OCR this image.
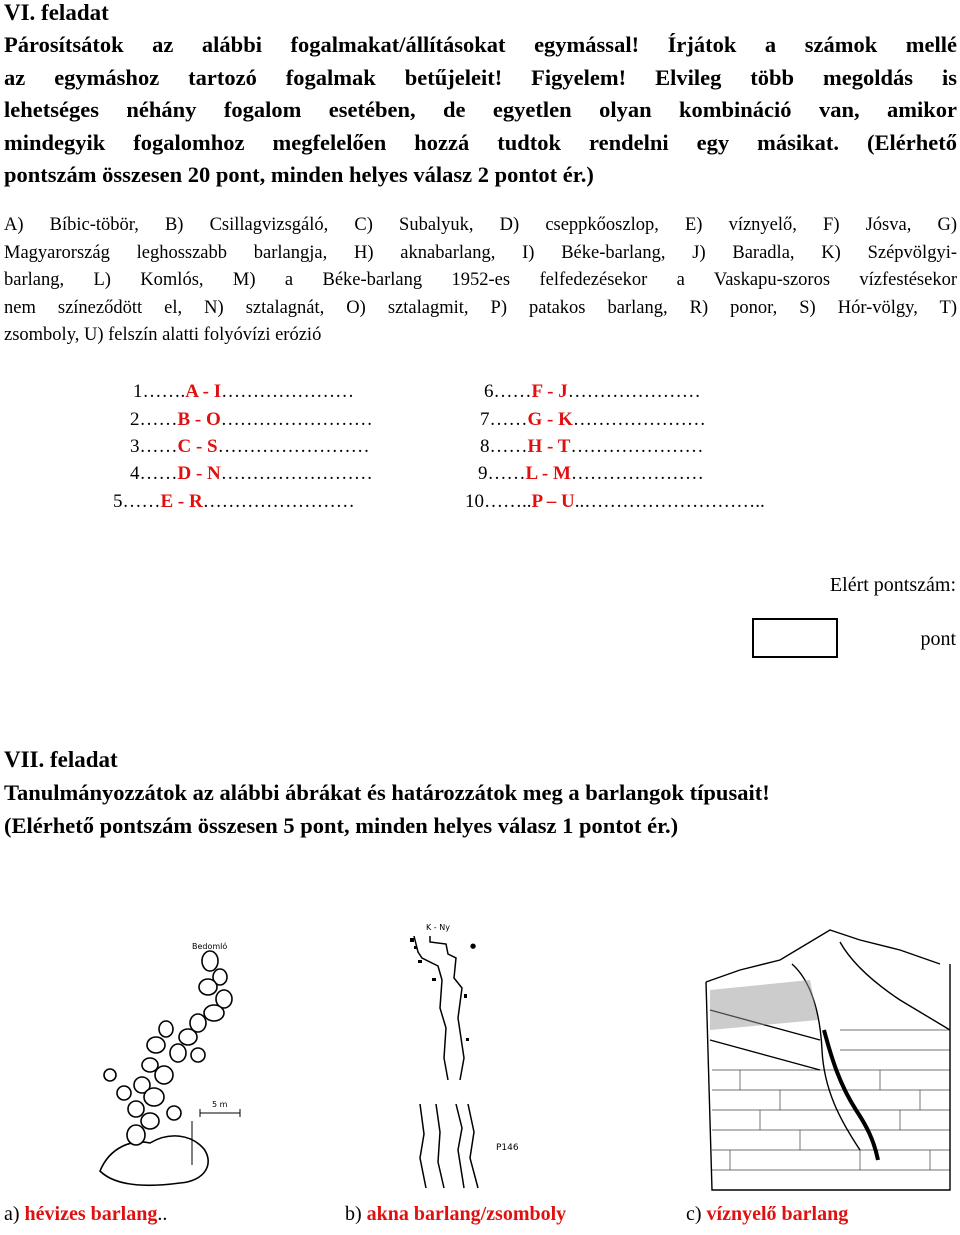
VI. feladat
Párosítsátok az alábbi fogalmakat/állításokat egymással! Írjátok a számok mellé
az egymáshoz tartozó fogalmak betűjeleit! Figyelem! Elvileg több megoldás is
lehetséges néhány fogalom esetében, de egyetlen olyan kombináció van, amikor
mindegyik fogalomhoz megfelelően hozzá tudtok rendelni egy másikat. (Elérhető
pontszám összesen 20 pont, minden helyes válasz 2 pontot ér.)
A) Bíbic-töbör, B) Csillagvizsgáló, C) Subalyuk, D) cseppkőoszlop, E) víznyelő, F) Jósva, G)
Magyarország leghosszabb barlangja, H) aknabarlang, I) Béke-barlang, J) Baradla, K) Szépvölgyi-
barlang, L) Komlós, M) a Béke-barlang 1952-es felfedezésekor a Vaskapu-szoros vízfestésekor
nem színeződött el, N) sztalagnát, O) sztalagmit, P) patakos barlang, R) ponor, S) Hór-völgy, T)
zsomboly, U) felszín alatti folyóvízi erózió
1…….A - I…………………
2……B - O……………………
3……C - S……………………
4……D - N……………………
5……E - R……………………
6……F - J…………………
7……G - K…………………
8……H - T…………………
9……L - M…………………
10……..P – U..………………………..
Elért pontszám:
pont
VII. feladat
Tanulmányozzátok az alábbi ábrákat és határozzátok meg a barlangok típusait!
(Elérhető pontszám összesen 5 pont, minden helyes válasz 1 pontot ér.)
Bedomló
5 m
K - Ny
●
P146
a) hévizes barlang..	b) akna barlang/zsomboly	c) víznyelő barlang
